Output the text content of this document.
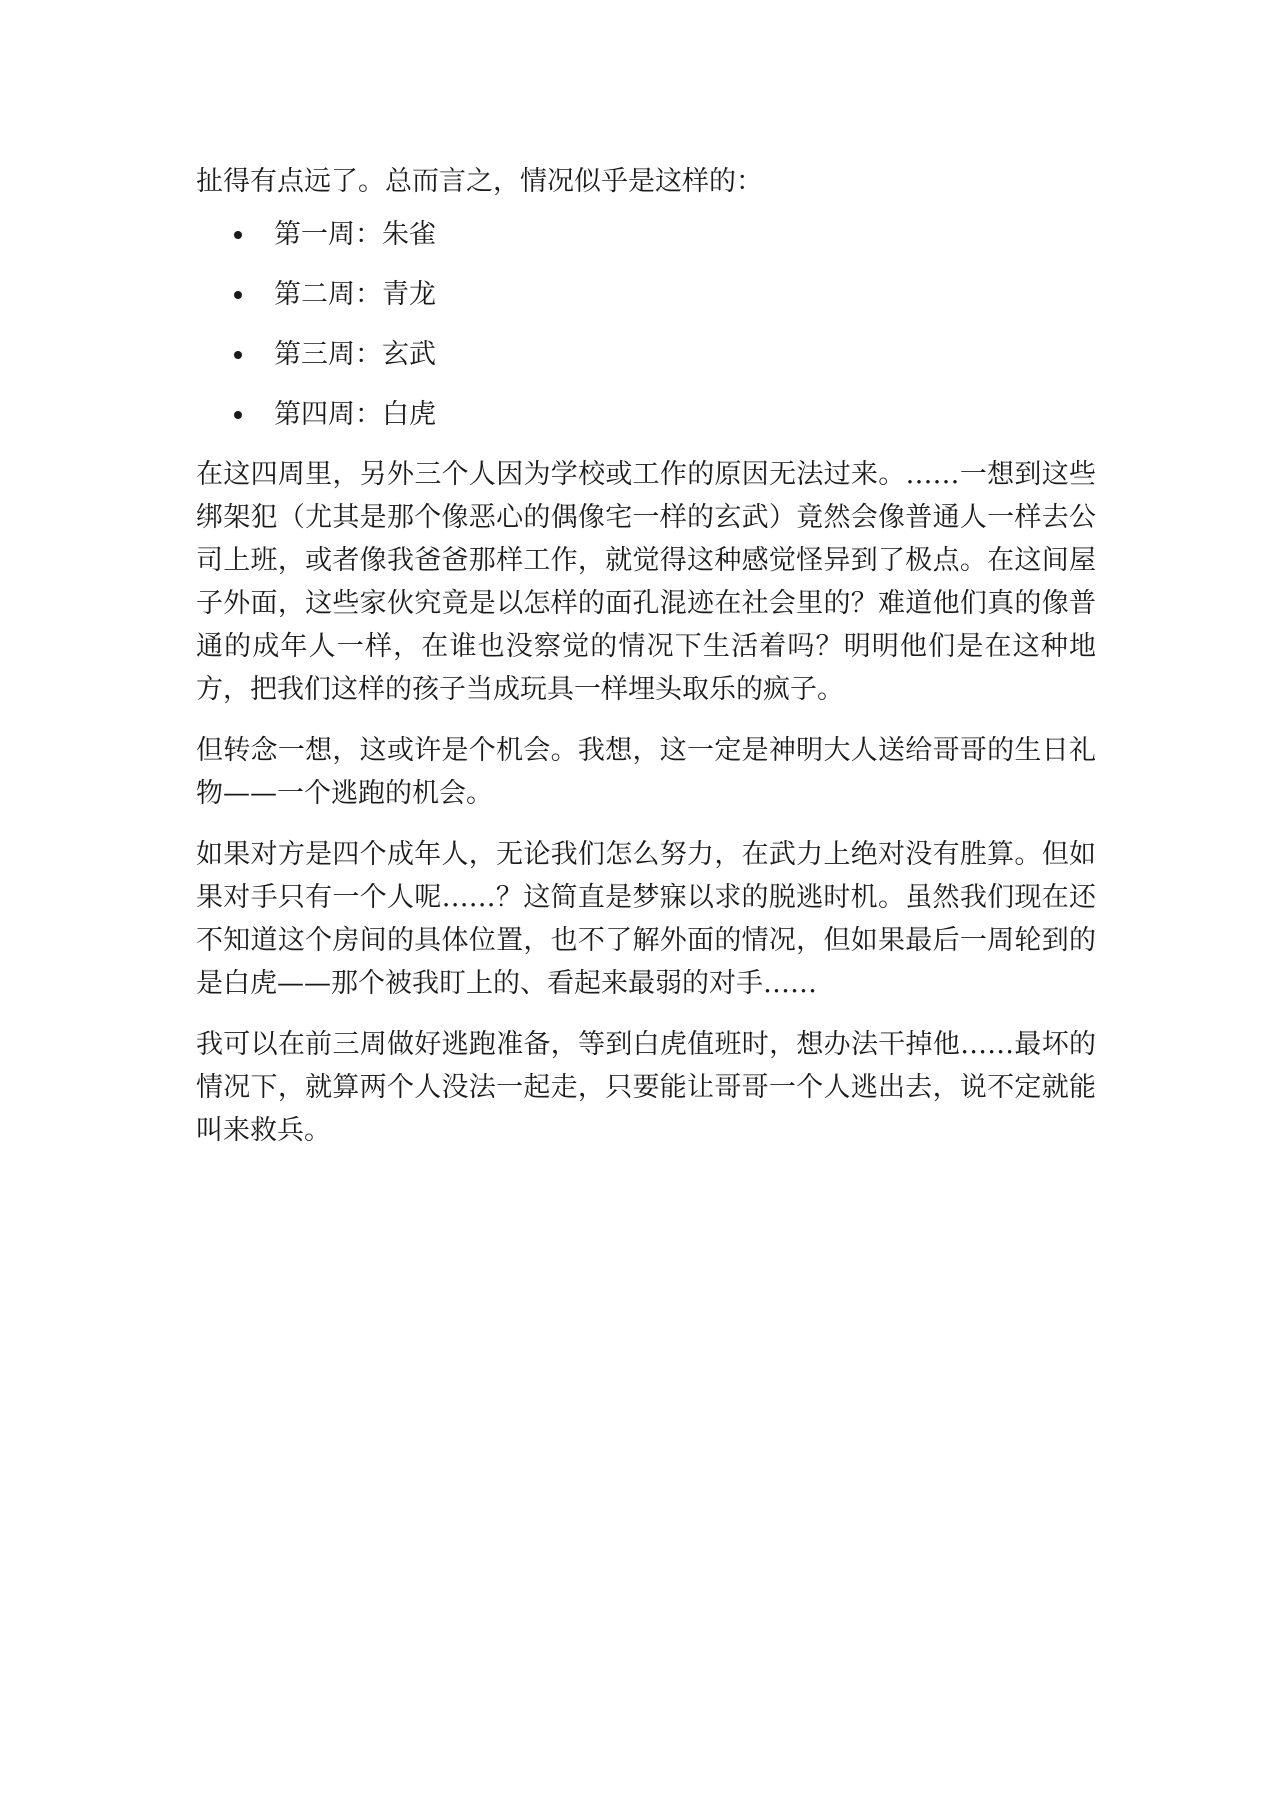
扯得有点远了。总而言之，情况似乎是这样的：

第一周：朱雀
第二周：青龙
第三周：玄武
第四周：白虎

在这四周里，另外三个人因为学校或工作的原因无法过来。……一想到这些绑架犯（尤其是那个像恶心的偶像宅一样的玄武）竟然会像普通人一样去公司上班，或者像我爸爸那样工作，就觉得这种感觉怪异到了极点。在这间屋子外面，这些家伙究竟是以怎样的面孔混迹在社会里的？难道他们真的像普通的成年人一样，在谁也没察觉的情况下生活着吗？明明他们是在这种地方，把我们这样的孩子当成玩具一样埋头取乐的疯子。

但转念一想，这或许是个机会。我想，这一定是神明大人送给哥哥的生日礼物——一个逃跑的机会。

如果对方是四个成年人，无论我们怎么努力，在武力上绝对没有胜算。但如果对手只有一个人呢……？这简直是梦寐以求的脱逃时机。虽然我们现在还不知道这个房间的具体位置，也不了解外面的情况，但如果最后一周轮到的是白虎——那个被我盯上的、看起来最弱的对手……

我可以在前三周做好逃跑准备，等到白虎值班时，想办法干掉他……最坏的情况下，就算两个人没法一起走，只要能让哥哥一个人逃出去，说不定就能叫来救兵。
